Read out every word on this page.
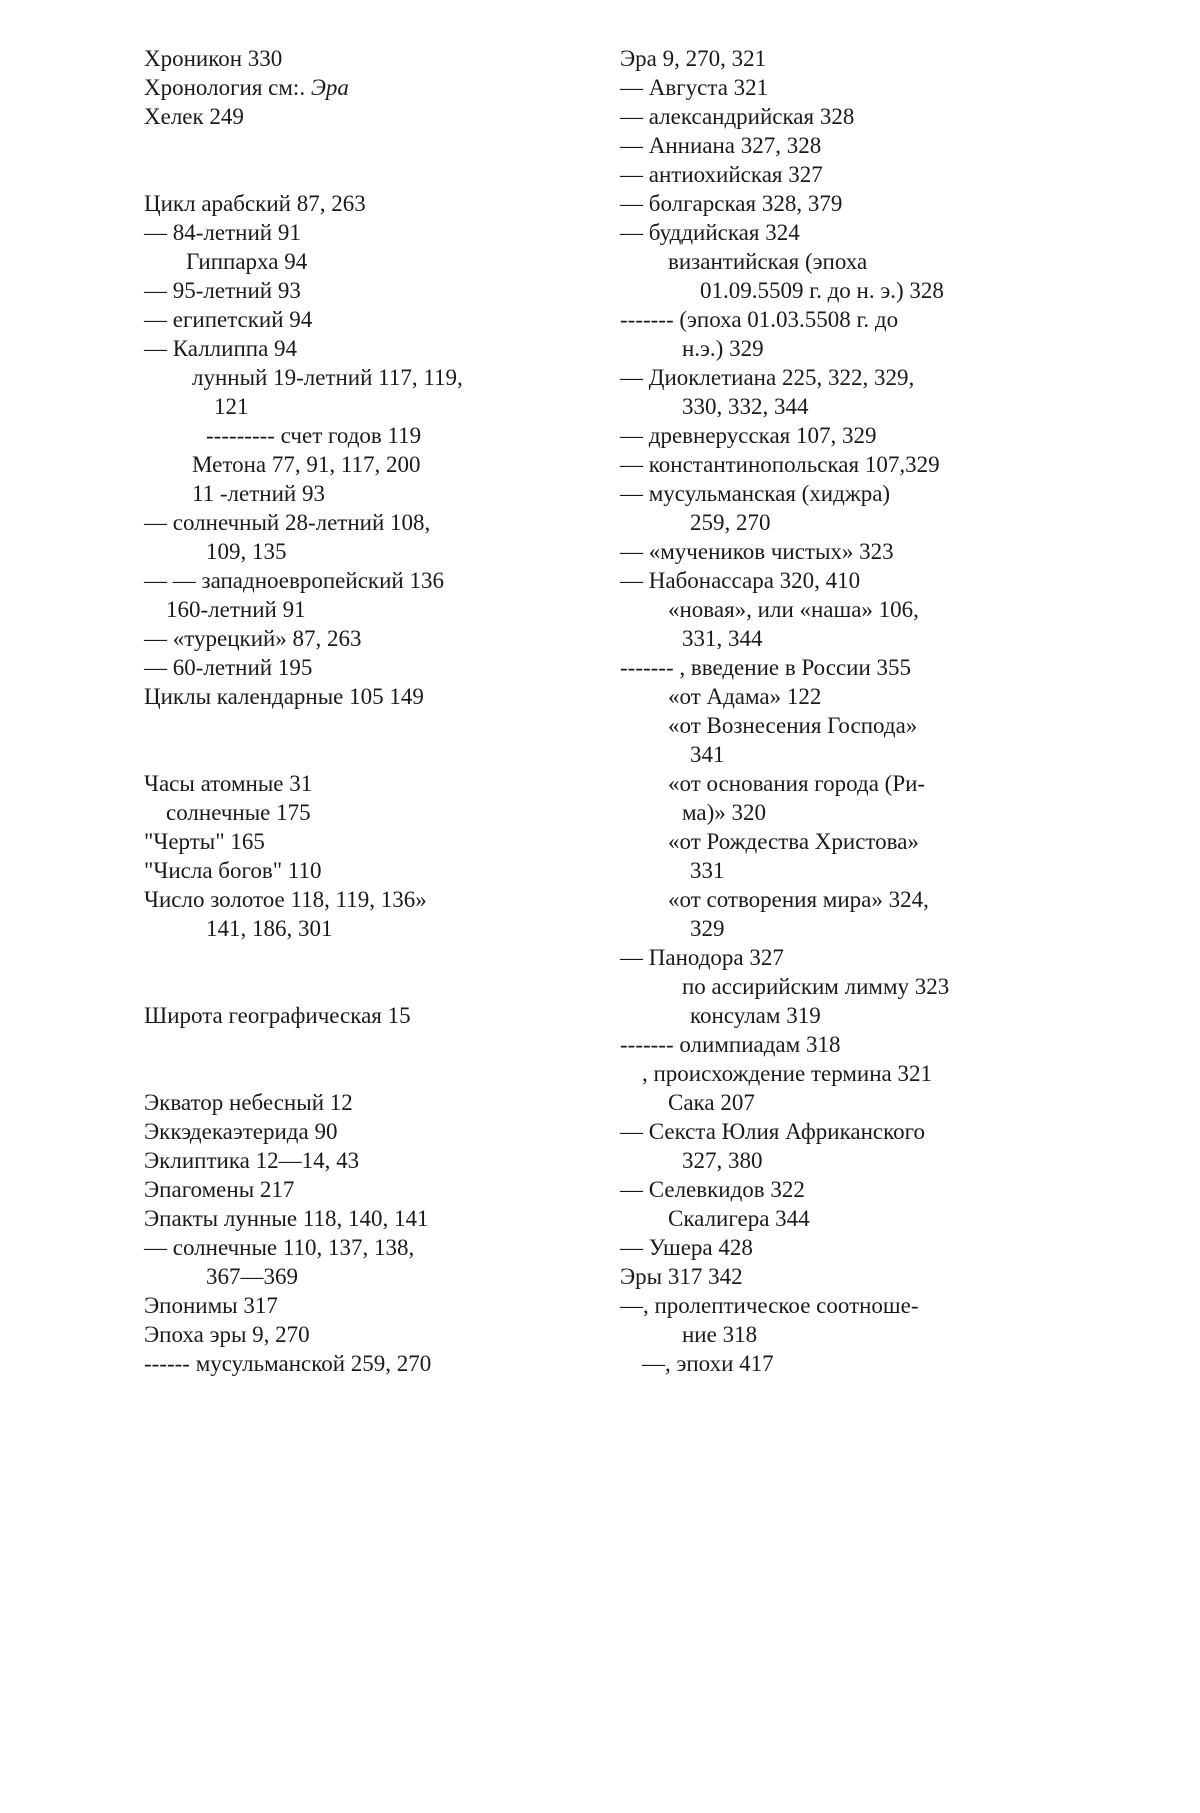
Хроникон 330
Хронология см:. Эра
Хелек 249
Цикл арабский 87, 263
— 84-летний 91
Гиппарха 94
— 95-летний 93
— египетский 94
— Каллиппа 94
лунный 19-летний 117, 119,
121
--------- счет годов 119
Метона 77, 91, 117, 200
11 -летний 93
— солнечный 28-летний 108,
109, 135
— — западноевропейский 136
160-летний 91
— «турецкий» 87, 263
— 60-летний 195
Циклы календарные 105 149
Часы атомные 31
солнечные 175
"Черты" 165
"Числа богов" 110
Число золотое 118, 119, 136»
141, 186, 301
Широта географическая 15
Экватор небесный 12
Эккэдекаэтерида 90
Эклиптика 12—14, 43
Эпагомены 217
Эпакты лунные 118, 140, 141
— солнечные 110, 137, 138,
367—369
Эпонимы 317
Эпоха эры 9, 270
------ мусульманской 259, 270
Эра 9, 270, 321
— Августа 321
— александрийская 328
— Анниана 327, 328
— антиохийская 327
— болгарская 328, 379
— буддийская 324
византийская (эпоха
01.09.5509 г. до н. э.) 328
------- (эпоха 01.03.5508 г. до
н.э.) 329
— Диоклетиана 225, 322, 329,
330, 332, 344
— древнерусская 107, 329
— константинопольская 107,329
— мусульманская (хиджра)
259, 270
— «мучеников чистых» 323
— Набонассара 320, 410
«новая», или «наша» 106,
331, 344
------- , введение в России 355
«от Адама» 122
«от Вознесения Господа»
341
«от основания города (Ри-
ма)» 320
«от Рождества Христова»
331
«от сотворения мира» 324,
329
— Панодора 327
по ассирийским лимму 323
консулам 319
------- олимпиадам 318
, происхождение термина 321
Сака 207
— Секста Юлия Африканского
327, 380
— Селевкидов 322
Скалигера 344
— Ушера 428
Эры 317 342
—, пролептическое соотноше-
ние 318
—, эпохи 417
